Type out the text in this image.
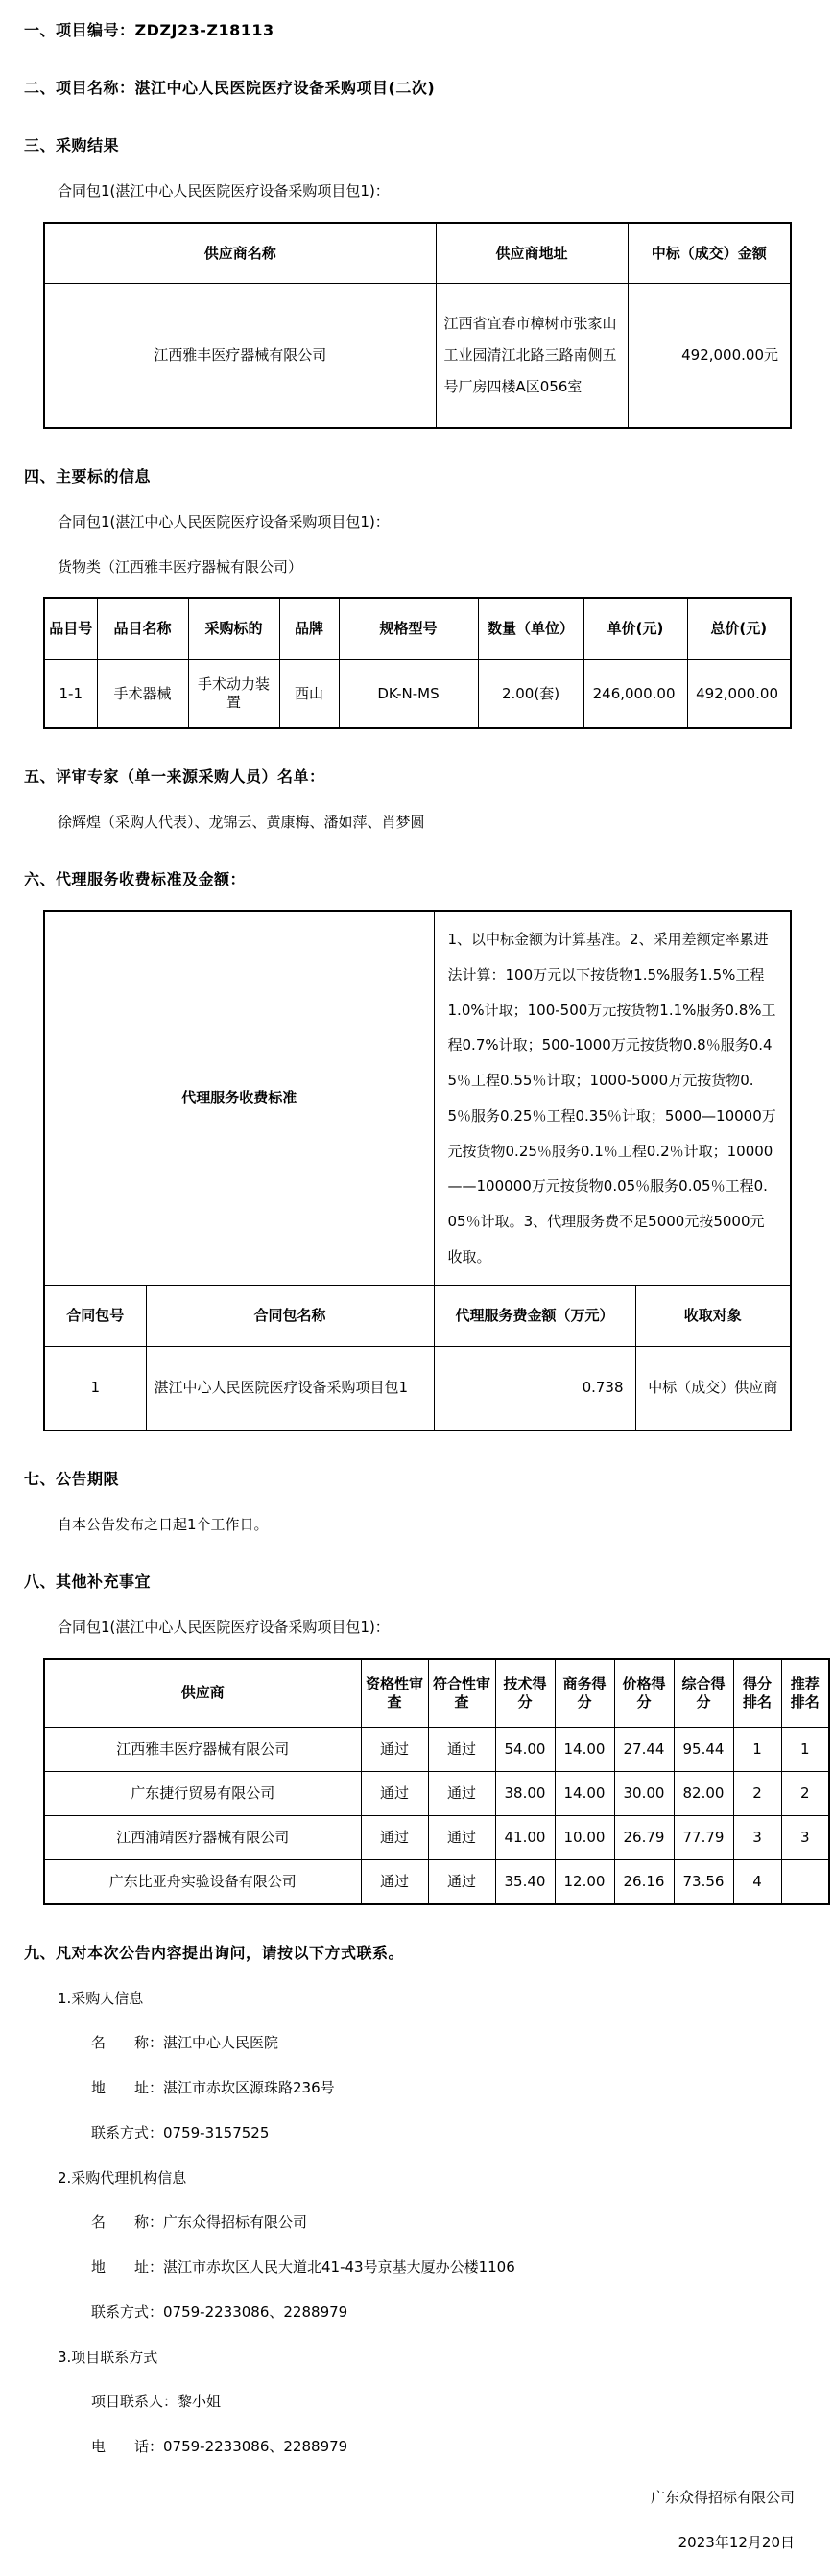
一、项目编号：ZDZJ23-Z18113
二、项目名称：湛江中心人民医院医疗设备采购项目(二次)
三、采购结果
合同包1(湛江中心人民医院医疗设备采购项目包1)：
供应商名称	供应商地址	中标（成交）金额
江西雅丰医疗器械有限公司	江西省宜春市樟树市张家山工业园清江北路三路南侧五号厂房四楼A区056室	492,000.00元
四、主要标的信息
合同包1(湛江中心人民医院医疗设备采购项目包1)：
货物类（江西雅丰医疗器械有限公司）
品目号	品目名称	采购标的	品牌	规格型号	数量（单位）	单价(元)	总价(元)
1-1	手术器械	手术动力装置	西山	DK-N-MS	2.00(套)	246,000.00	492,000.00
五、评审专家（单一来源采购人员）名单：
徐辉煌（采购人代表）、龙锦云、黄康梅、潘如萍、肖梦圆
六、代理服务收费标准及金额：
代理服务收费标准		1、以中标金额为计算基准。2、采用差额定率累进法计算：100万元以下按货物1.5%服务1.5%工程1.0%计取；100-500万元按货物1.1%服务0.8%工程0.7%计取；500-1000万元按货物0.8％服务0.45％工程0.55％计取；1000-5000万元按货物0.5％服务0.25％工程0.35％计取；5000—10000万元按货物0.25％服务0.1％工程0.2％计取；10000——100000万元按货物0.05％服务0.05％工程0.05％计取。3、代理服务费不足5000元按5000元收取。	
合同包号	合同包名称	代理服务费金额（万元）	收取对象
1	湛江中心人民医院医疗设备采购项目包1	0.738	中标（成交）供应商
七、公告期限
自本公告发布之日起1个工作日。
八、其他补充事宜
合同包1(湛江中心人民医院医疗设备采购项目包1)：
供应商	资格性审查	符合性审查	技术得分	商务得分	价格得分	综合得分	得分排名	推荐排名
江西雅丰医疗器械有限公司	通过	通过	54.00	14.00	27.44	95.44	1	1
广东捷行贸易有限公司	通过	通过	38.00	14.00	30.00	82.00	2	2
江西浦靖医疗器械有限公司	通过	通过	41.00	10.00	26.79	77.79	3	3
广东比亚舟实验设备有限公司	通过	通过	35.40	12.00	26.16	73.56	4	
九、凡对本次公告内容提出询问，请按以下方式联系。
1.采购人信息
名　　称：湛江中心人民医院
地　　址：湛江市赤坎区源珠路236号
联系方式：0759-3157525
2.采购代理机构信息
名　　称：广东众得招标有限公司
地　　址：湛江市赤坎区人民大道北41-43号京基大厦办公楼1106
联系方式：0759-2233086、2288979
3.项目联系方式
项目联系人：黎小姐
电　　话：0759-2233086、2288979
广东众得招标有限公司
2023年12月20日
